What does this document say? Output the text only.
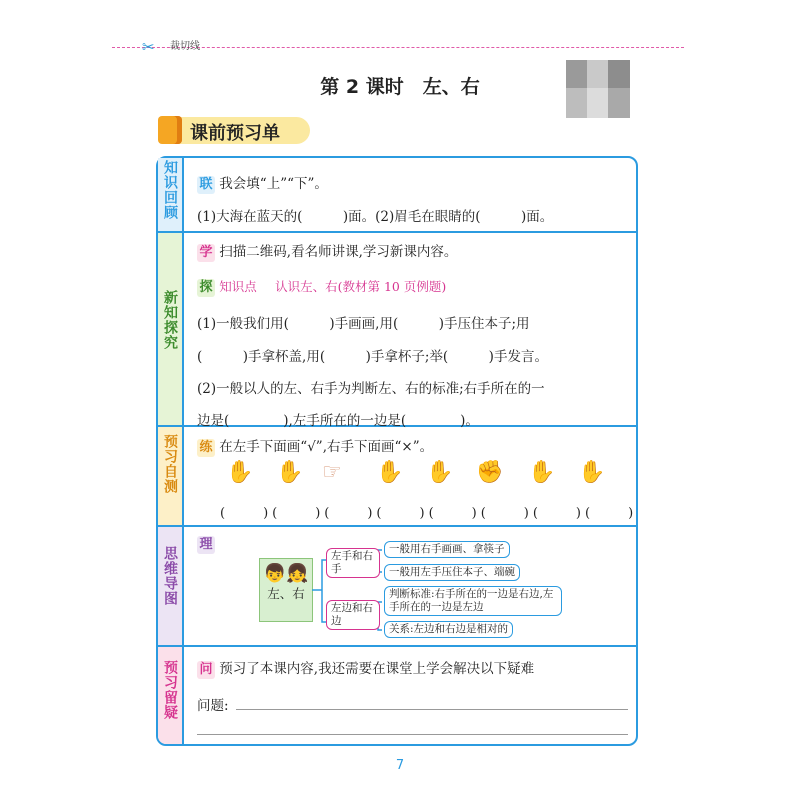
✂ 裁切线
第 2 课时　左、右
课前预习单
知识回顾
新知探究
预习自测
思维导图
预习留疑
联 我会填“上”“下”。
(1)大海在蓝天的(　　　)面。(2)眉毛在眼睛的(　　　)面。
学 扫描二维码,看名师讲课,学习新课内容。
探 知识点 认识左、右(教材第 10 页例题)
(1)一般我们用(　　　)手画画,用(　　　)手压住本子;用
(　　　)手拿杯盖,用(　　　)手拿杯子;举(　　　)手发言。
(2)一般以人的左、右手为判断左、右的标准;右手所在的一
边是(　　　　),左手所在的一边是(　　　　)。
练 在左手下面画“√”,右手下面画“×”。
✋ ✋ ☞ ✋ ✋ ✊ ✋ ✋
(　　)(　　)(　　)(　　)(　　)(　　)(　　)(　　)
理
👦👧
左、右
左手和右手
一般用右手画画、拿筷子
一般用左手压住本子、端碗
左边和右边
判断标准:右手所在的一边是右边,左手所在的一边是左边
关系:左边和右边是相对的
问 预习了本课内容,我还需要在课堂上学会解决以下疑难
问题:
7
